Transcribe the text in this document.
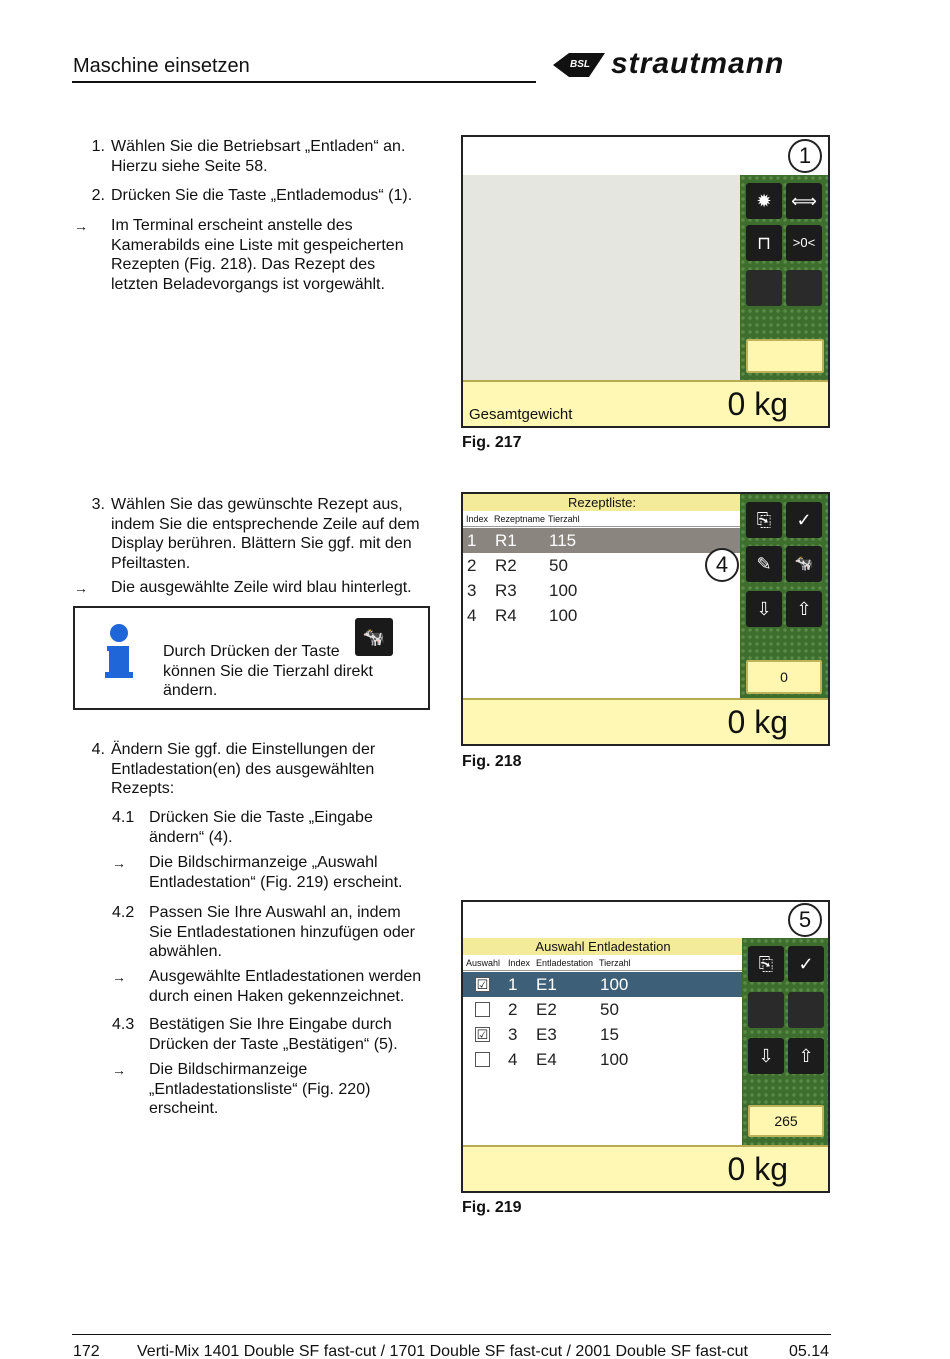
Maschine einsetzen	BSL strautmann
1. Wählen Sie die Betriebsart „Entladen“ an.
Hierzu siehe Seite 58.
2. Drücken Sie die Taste „Entlademodus“ (1).
→ Im Terminal erscheint anstelle des
Kamerabilds eine Liste mit gespeicherten
Rezepten (Fig. 218). Das Rezept des
letzten Beladevorgangs ist vorgewählt.
✹	⟺
⊓	>0<
1
Gesamtgewicht	0 kg
Fig. 217
3. Wählen Sie das gewünschte Rezept aus,
indem Sie die entsprechende Zeile auf dem
Display berühren. Blättern Sie ggf. mit den
Pfeiltasten.
→ Die ausgewählte Zeile wird blau hinterlegt.
Durch Drücken der Taste
🐄
können Sie die Tierzahl direkt
ändern.
Rezeptliste:
Index Rezeptname Tierzahl
1 R1 115
2 R2 50
3 R3 100
4 R4 100
⎘	✓
✎	🐄
⇩	⇧
0
4
0 kg
Fig. 218
4. Ändern Sie ggf. die Einstellungen der
Entladestation(en) des ausgewählten
Rezepts:
4.1 Drücken Sie die Taste „Eingabe
ändern“ (4).
→ Die Bildschirmanzeige „Auswahl
Entladestation“ (Fig. 219) erscheint.
4.2 Passen Sie Ihre Auswahl an, indem
Sie Entladestationen hinzufügen oder
abwählen.
→ Ausgewählte Entladestationen werden
durch einen Haken gekennzeichnet.
4.3 Bestätigen Sie Ihre Eingabe durch
Drücken der Taste „Bestätigen“ (5).
→ Die Bildschirmanzeige
„Entladestationsliste“ (Fig. 220)
erscheint.
Auswahl Entladestation
Auswahl Index Entladestation Tierzahl
☑ 1 E1	100
2 E2	50
☑ 3 E3	15
4 E4	100
⎘	✓
⇩	⇧
265
5
0 kg
Fig. 219
172 Verti-Mix 1401 Double SF fast-cut / 1701 Double SF fast-cut / 2001 Double SF fast-cut	05.14
